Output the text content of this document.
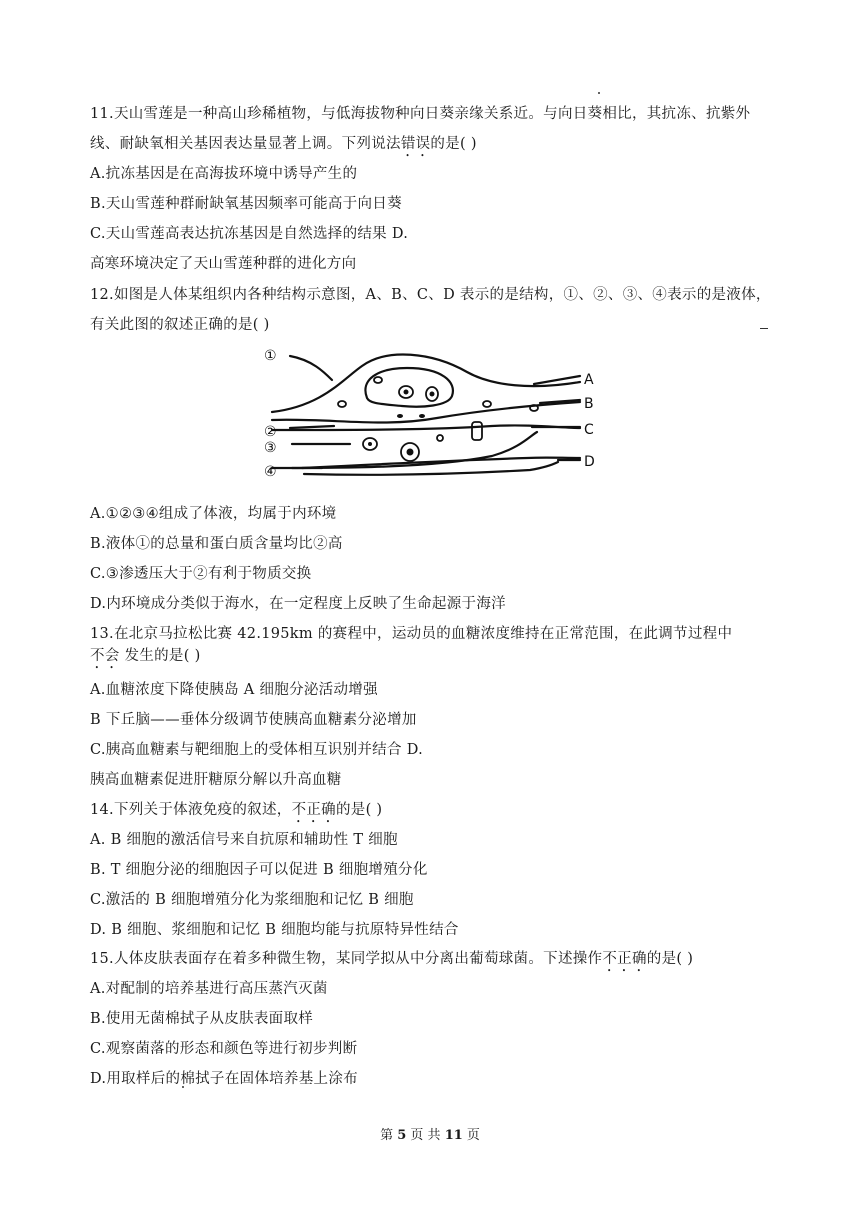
11.天山雪莲是一种高山珍稀植物，与低海拔物种向日葵亲缘关系近。与向日葵相比，其抗冻、抗紫外
线、耐缺氧相关基因表达量显著上调。下列说法错误的是( )
A.抗冻基因是在高海拔环境中诱导产生的
B.天山雪莲种群耐缺氧基因频率可能高于向日葵
C.天山雪莲高表达抗冻基因是自然选择的结果 D.
高寒环境决定了天山雪莲种群的进化方向
12.如图是人体某组织内各种结构示意图，A、B、C、D 表示的是结构，①、②、③、④表示的是液体，
有关此图的叙述正确的是( )
①
②
③
④
A
B
C
D
A.①②③④组成了体液，均属于内环境
B.液体①的总量和蛋白质含量均比②高
C.③渗透压大于②有利于物质交换
D.内环境成分类似于海水，在一定程度上反映了生命起源于海洋
13.在北京马拉松比赛 42.195km 的赛程中，运动员的血糖浓度维持在正常范围，在此调节过程中
不会 发生的是( )
A.血糖浓度下降使胰岛 A 细胞分泌活动增强
B 下丘脑——垂体分级调节使胰高血糖素分泌增加
C.胰高血糖素与靶细胞上的受体相互识别并结合 D.
胰高血糖素促进肝糖原分解以升高血糖
14.下列关于体液免疫的叙述，不正确的是( )
A. B 细胞的激活信号来自抗原和辅助性 T 细胞
B. T 细胞分泌的细胞因子可以促进 B 细胞增殖分化
C.激活的 B 细胞增殖分化为浆细胞和记忆 B 细胞
D. B 细胞、浆细胞和记忆 B 细胞均能与抗原特异性结合
15.人体皮肤表面存在着多种微生物，某同学拟从中分离出葡萄球菌。下述操作不正确的是( )
A.对配制的培养基进行高压蒸汽灭菌
B.使用无菌棉拭子从皮肤表面取样
C.观察菌落的形态和颜色等进行初步判断
D.用取样后的棉拭子在固体培养基上涂布
第 5 页 共 11 页
